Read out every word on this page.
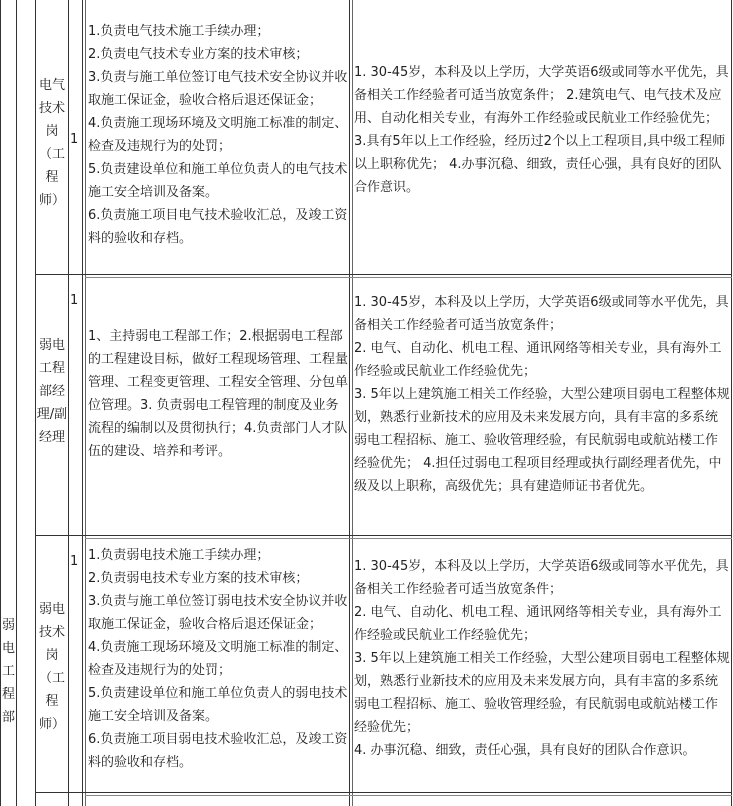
电气技术岗（工程师）
1

1.负责电气技术施工手续办理；

2.负责电气技术专业方案的技术审核；

3.负责与施工单位签订电气技术安全协议并收取施工保证金，验收合格后退还保证金；

4.负责施工现场环境及文明施工标准的制定、检查及违规行为的处罚；

5.负责建设单位和施工单位负责人的电气技术施工安全培训及备案。

6.负责施工项目电气技术验收汇总，及竣工资料的验收和存档。

1. 30-45岁，本科及以上学历，大学英语6级或同等水平优先，具备相关工作经验者可适当放宽条件； 2.建筑电气、电气技术及应用、自动化相关专业，有海外工作经验或民航业工作经验优先；

3.具有5年以上工作经验，经历过2个以上工程项目,具中级工程师以上职称优先； 4.办事沉稳、细致，责任心强，具有良好的团队合作意识。

弱电工程部经理/副经理
1

1、主持弱电工程部工作；2.根据弱电工程部的工程建设目标，做好工程现场管理、工程量管理、工程变更管理、工程安全管理、分包单位管理。3. 负责弱电工程管理的制度及业务流程的编制以及贯彻执行；4.负责部门人才队伍的建设、培养和考评。

1. 30-45岁，本科及以上学历，大学英语6级或同等水平优先，具备相关工作经验者可适当放宽条件；

2. 电气、自动化、机电工程、通讯网络等相关专业，具有海外工作经验或民航业工作经验优先；

3. 5年以上建筑施工相关工作经验，大型公建项目弱电工程整体规划，熟悉行业新技术的应用及未来发展方向，具有丰富的多系统弱电工程招标、施工、验收管理经验，有民航弱电或航站楼工作经验优先； 4.担任过弱电工程项目经理或执行副经理者优先，中级及以上职称，高级优先；具有建造师证书者优先。

弱电工程部
弱电技术岗（工程师）
1 1.负责弱电技术施工手续办理；

2.负责弱电技术专业方案的技术审核；

3.负责与施工单位签订弱电技术安全协议并收取施工保证金，验收合格后退还保证金；

4.负责施工现场环境及文明施工标准的制定、检查及违规行为的处罚；

5.负责建设单位和施工单位负责人的弱电技术施工安全培训及备案。

6.负责施工项目弱电技术验收汇总，及竣工资料的验收和存档。

1. 30-45岁，本科及以上学历，大学英语6级或同等水平优先，具备相关工作经验者可适当放宽条件；

2. 电气、自动化、机电工程、通讯网络等相关专业，具有海外工作经验或民航业工作经验优先；

3. 5年以上建筑施工相关工作经验，大型公建项目弱电工程整体规划，熟悉行业新技术的应用及未来发展方向，具有丰富的多系统弱电工程招标、施工、验收管理经验，有民航弱电或航站楼工作经验优先；

4. 办事沉稳、细致，责任心强，具有良好的团队合作意识。
